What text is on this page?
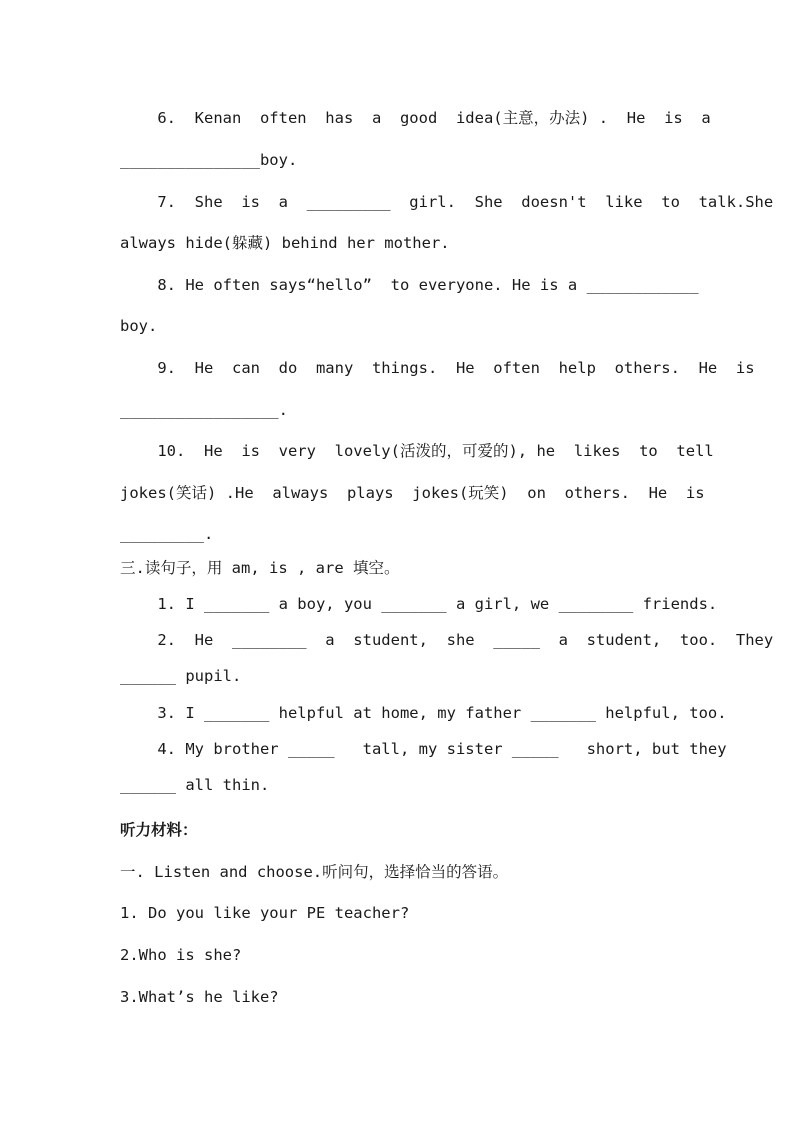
6.  Kenan  often  has  a  good  idea(主意，办法) .  He  is  a
_______________boy.
7.  She  is  a  _________  girl.  She  doesn't  like  to  talk.She
always hide(躲藏) behind her mother.
8. He often says“hello”  to everyone. He is a ____________
boy.
9.  He  can  do  many  things.  He  often  help  others.  He  is
_________________.
10.  He  is  very  lovely(活泼的，可爱的), he  likes  to  tell
jokes(笑话) .He  always  plays  jokes(玩笑)  on  others.  He  is
_________.
三.读句子，用 am, is , are 填空。
1. I _______ a boy, you _______ a girl, we ________ friends.
2.  He  ________  a  student,  she  _____  a  student,  too.  They
______ pupil.
3. I _______ helpful at home, my father _______ helpful, too.
4. My brother _____   tall, my sister _____   short, but they
______ all thin.
听力材料：
一. Listen and choose.听问句，选择恰当的答语。
1. Do you like your PE teacher?
2.Who is she?
3.What’s he like?
